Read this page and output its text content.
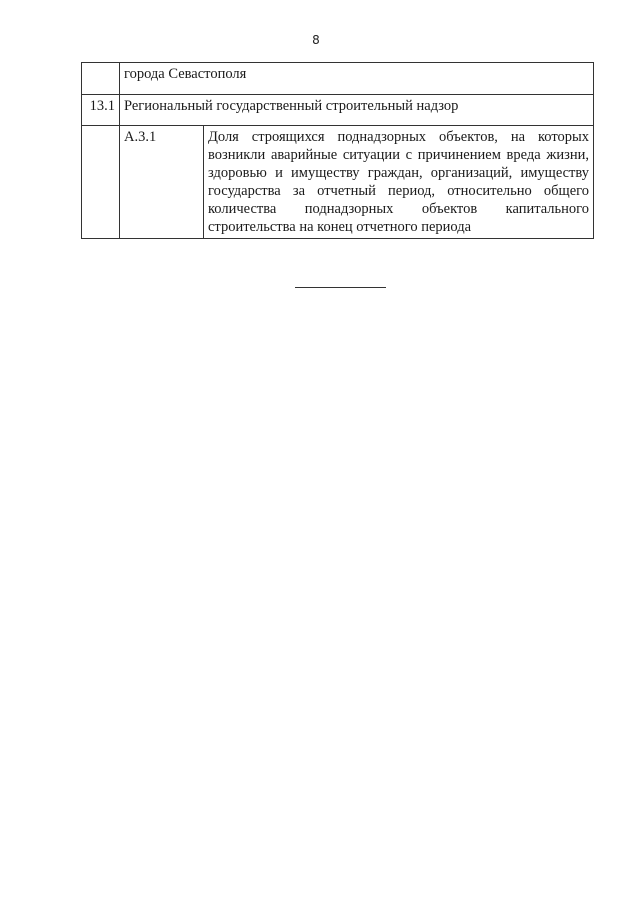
8
	города Севастополя	
13.1	Региональный государственный строительный надзор	
	А.3.1	Доля строящихся поднадзорных объектов, на которых возникли аварийные ситуации с причинением вреда жизни, здоровью и имуществу граждан, организаций, имуществу государства за отчетный период, относительно общего количества поднадзорных объектов капитального строительства на конец отчетного периода
